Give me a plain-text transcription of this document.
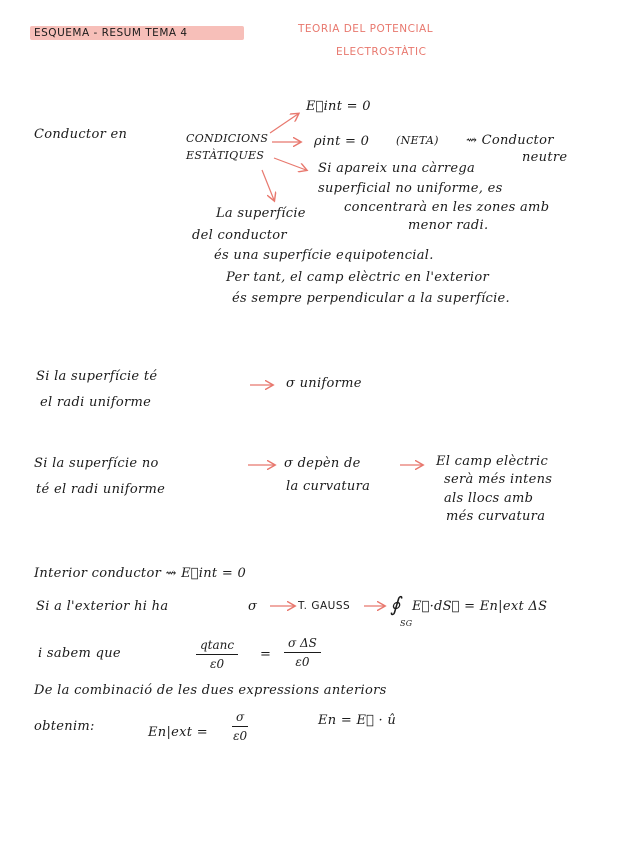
ESQUEMA - RESUM TEMA 4	TEORIA DEL POTENCIAL
ELECTROSTÀTIC
Conductor en	CONDICIONS
ESTÀTIQUES
E⃗int = 0
ρint = 0 (NETA) ⇝ Conductor
neutre
Si apareix una càrrega
superficial no uniforme, es
concentrarà en les zones amb
menor radi.
La superfície
del conductor
és una superfície equipotencial.
Per tant, el camp elèctric en l'exterior
és sempre perpendicular a la superfície.
Si la superfície té
el radi uniforme
σ uniforme
Si la superfície no
té el radi uniforme
σ depèn de
la curvatura
El camp elèctric
serà més intens
als llocs amb
més curvatura
Interior conductor ⇝ E⃗int = 0
Si a l'exterior hi ha	σ	T. GAUSS ∮
SG
E⃗·dS⃗ = En|ext ΔS
i sabem que	$\frac{qtanc}{\varepsilon 0} = \frac{\text{σ ΔS}}{\varepsilon 0}$
De la combinació de les dues expressions anteriors
obtenim:	$En|ext = \frac{\sigma}{\varepsilon 0}$	En = E⃗ · û
